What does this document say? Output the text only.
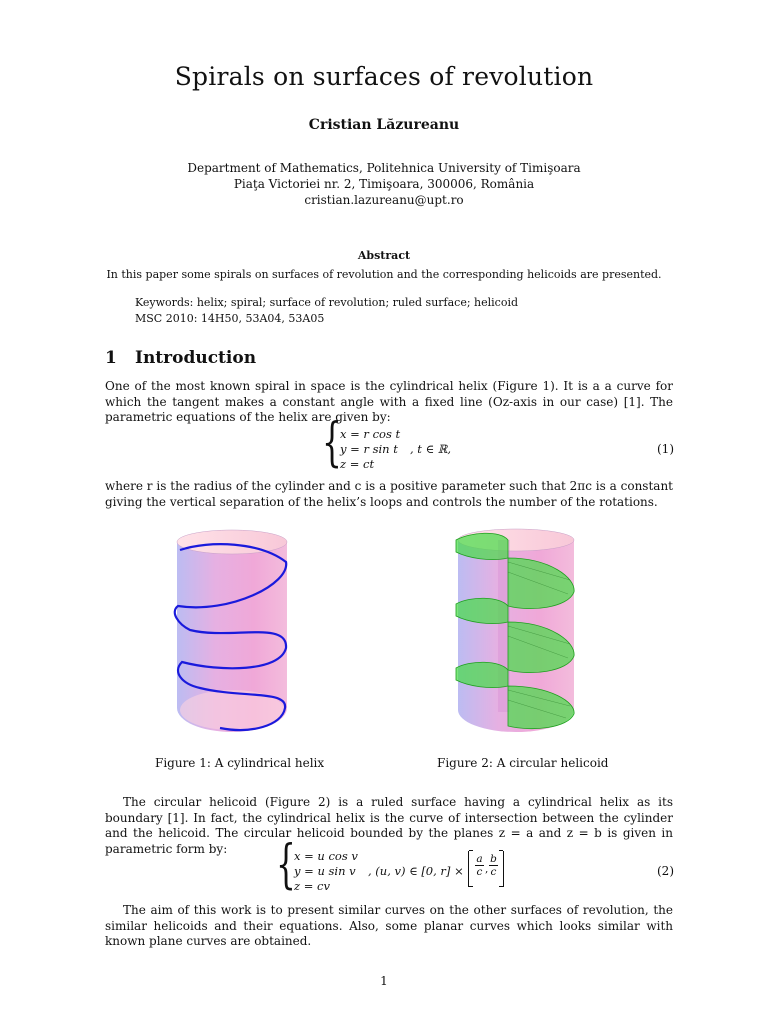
Spirals on surfaces of revolution
Cristian Lăzureanu
Department of Mathematics, Politehnica University of Timişoara
Piaţa Victoriei nr. 2, Timişoara, 300006, România
cristian.lazureanu@upt.ro
Abstract
In this paper some spirals on surfaces of revolution and the corresponding helicoids are presented.
Keywords: helix; spiral; surface of revolution; ruled surface; helicoid
MSC 2010: 14H50, 53A04, 53A05
1 Introduction
One of the most known spiral in space is the cylindrical helix (Figure 1). It is a a curve for which the tangent makes a constant angle with a fixed line (Oz-axis in our case) [1]. The parametric equations of the helix are given by:
{
x = r cos t
y = r sin t
z = ct
, t ∈ ℝ,	(1)
where r is the radius of the cylinder and c is a positive parameter such that 2πc is a constant giving the vertical separation of the helix’s loops and controls the number of the rotations.
Figure 1: A cylindrical helix	Figure 2: A circular helicoid
The circular helicoid (Figure 2) is a ruled surface having a cylindrical helix as its boundary [1]. In fact, the cylindrical helix is the curve of intersection between the cylinder and the helicoid. The circular helicoid bounded by the planes z = a and z = b is given in parametric form by: {
x = u cos v
y = u sin v
z = cv
, (u, v) ∈ [0, r] ×
a
c ,
b
c	(2)
The aim of this work is to present similar curves on the other surfaces of revolution, the similar helicoids and their equations. Also, some planar curves which looks similar with known plane curves are obtained.
1
